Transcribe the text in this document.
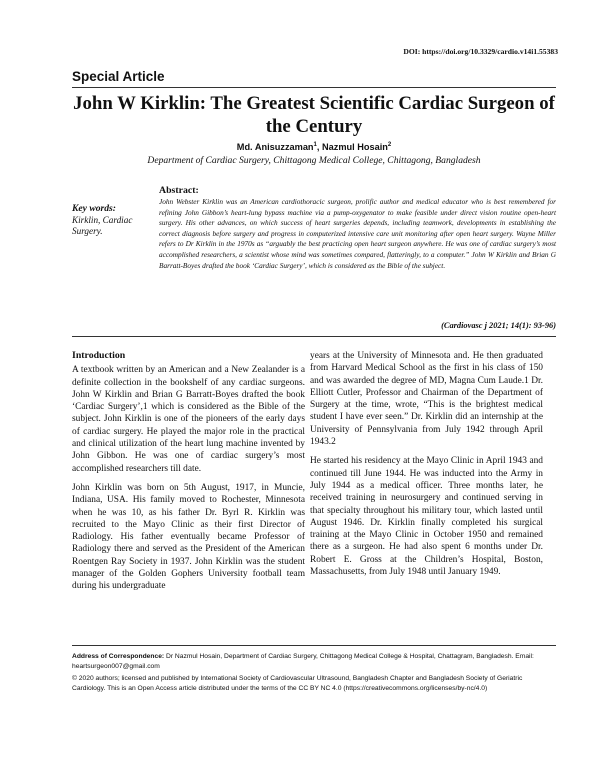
DOI: https://doi.org/10.3329/cardio.v14i1.55383
Special Article
John W Kirklin: The Greatest Scientific Cardiac Surgeon of the Century
Md. Anisuzzaman$^1$, Nazmul Hosain$^2$
Department of Cardiac Surgery, Chittagong Medical College, Chittagong, Bangladesh
Key words:
Kirklin, Cardiac Surgery.
Abstract:
John Webster Kirklin was an American cardiothoracic surgeon, prolific author and medical educator who is best remembered for refining John Gibbon’s heart-lung bypass machine via a pump-oxygenator to make feasible under direct vision routine open-heart surgery. His other advances, on which success of heart surgeries depends, including teamwork, developments in establishing the correct diagnosis before surgery and progress in computerized intensive care unit monitoring after open heart surgery. Wayne Miller refers to Dr Kirklin in the 1970s as “arguably the best practicing open heart surgeon anywhere. He was one of cardiac surgery’s most accomplished researchers, a scientist whose mind was sometimes compared, flatteringly, to a computer.” John W Kirklin and Brian G Barratt-Boyes drafted the book ‘Cardiac Surgery’, which is considered as the Bible of the subject.
(Cardiovasc j 2021; 14(1): 93-96)
Introduction

A textbook written by an American and a New Zealander is a definite collection in the bookshelf of any cardiac surgeons. John W Kirklin and Brian G Barratt-Boyes drafted the book ‘Cardiac Surgery’,1 which is considered as the Bible of the subject. John Kirklin is one of the pioneers of the early days of cardiac surgery. He played the major role in the practical and clinical utilization of the heart lung machine invented by John Gibbon. He was one of cardiac surgery’s most accomplished researchers till date.

John Kirklin was born on 5th August, 1917, in Muncie, Indiana, USA. His family moved to Rochester, Minnesota when he was 10, as his father Dr. Byrl R. Kirklin was recruited to the Mayo Clinic as their first Director of Radiology. His father eventually became Professor of Radiology there and served as the President of the American Roentgen Ray Society in 1937. John Kirklin was the student manager of the Golden Gophers University football team during his undergraduate

years at the University of Minnesota and. He then graduated from Harvard Medical School as the first in his class of 150 and was awarded the degree of MD, Magna Cum Laude.1 Dr. Elliott Cutler, Professor and Chairman of the Department of Surgery at the time, wrote, “This is the brightest medical student I have ever seen.” Dr. Kirklin did an internship at the University of Pennsylvania from July 1942 through April 1943.2

He started his residency at the Mayo Clinic in April 1943 and continued till June 1944. He was inducted into the Army in July 1944 as a medical officer. Three months later, he received training in neurosurgery and continued serving in that specialty throughout his military tour, which lasted until August 1946. Dr. Kirklin finally completed his surgical training at the Mayo Clinic in October 1950 and remained there as a surgeon. He had also spent 6 months under Dr. Robert E. Gross at the Children’s Hospital, Boston, Massachusetts, from July 1948 until January 1949.

Address of Correspondence: Dr Nazmul Hosain, Department of Cardiac Surgery, Chittagong Medical College & Hospital, Chattagram, Bangladesh. Email: heartsurgeon007@gmail.com

© 2020 authors; licensed and published by International Society of Cardiovascular Ultrasound, Bangladesh Chapter and Bangladesh Society of Geriatric Cardiology. This is an Open Access article distributed under the terms of the CC BY NC 4.0 (https://creativecommons.org/licenses/by-nc/4.0)
